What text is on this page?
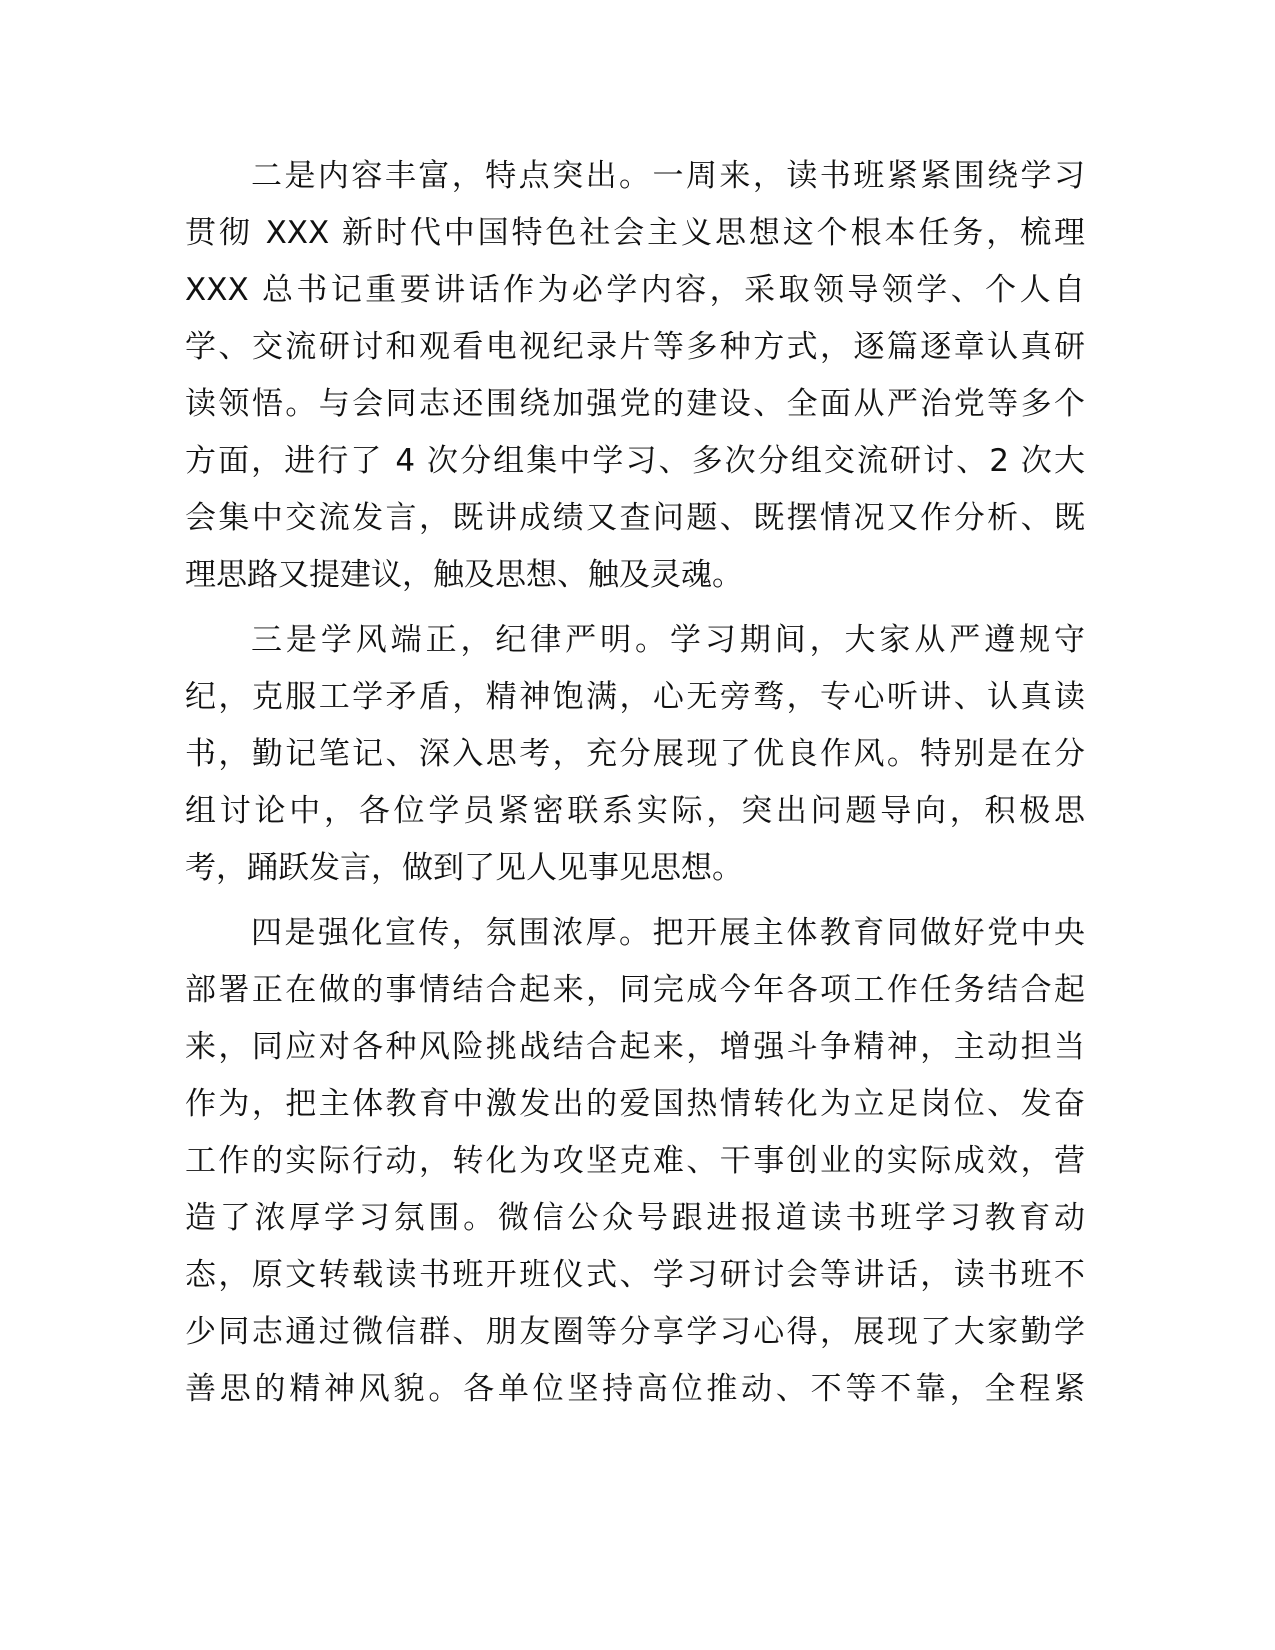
二是内容丰富，特点突出。一周来，读书班紧紧围绕学习
贯彻 XXX 新时代中国特色社会主义思想这个根本任务，梳理
XXX 总书记重要讲话作为必学内容，采取领导领学、个人自
学、交流研讨和观看电视纪录片等多种方式，逐篇逐章认真研
读领悟。与会同志还围绕加强党的建设、全面从严治党等多个
方面，进行了 4 次分组集中学习、多次分组交流研讨、2 次大
会集中交流发言，既讲成绩又查问题、既摆情况又作分析、既
理思路又提建议，触及思想、触及灵魂。
三是学风端正，纪律严明。学习期间，大家从严遵规守
纪，克服工学矛盾，精神饱满，心无旁骛，专心听讲、认真读
书，勤记笔记、深入思考，充分展现了优良作风。特别是在分
组讨论中，各位学员紧密联系实际，突出问题导向，积极思
考，踊跃发言，做到了见人见事见思想。
四是强化宣传，氛围浓厚。把开展主体教育同做好党中央
部署正在做的事情结合起来，同完成今年各项工作任务结合起
来，同应对各种风险挑战结合起来，增强斗争精神，主动担当
作为，把主体教育中激发出的爱国热情转化为立足岗位、发奋
工作的实际行动，转化为攻坚克难、干事创业的实际成效，营
造了浓厚学习氛围。微信公众号跟进报道读书班学习教育动
态，原文转载读书班开班仪式、学习研讨会等讲话，读书班不
少同志通过微信群、朋友圈等分享学习心得，展现了大家勤学
善思的精神风貌。各单位坚持高位推动、不等不靠，全程紧
